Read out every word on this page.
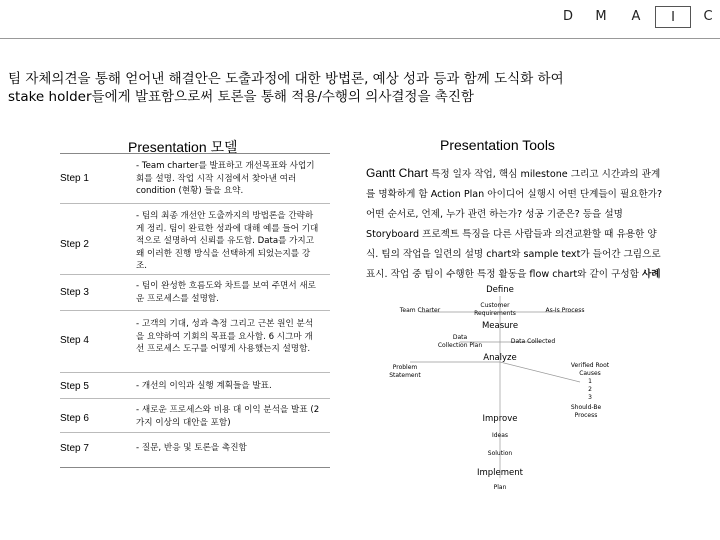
D	M	A	I	C
팀 자체의견을 통해 얻어낸 해결안은 도출과정에 대한 방법론, 예상 성과 등과 함께 도식화 하여
stake holder들에게 발표함으로써 토론을 통해 적용/수행의 의사결정을 촉진함
Presentation 모델
Step 1
- Team charter를 발표하고 개선목표와 사업기회를 설명. 작업 시작 시점에서 찾아낸 여러 condition (현황) 들을 요약.
Step 2
- 팀의 최종 개선안 도출까지의 방법론을 간략하게 정리. 팀이 완료한 성과에 대해 예를 들어 기대적으로 설명하여 신뢰를 유도함. Data를 가지고 왜 이러한 진행 방식을 선택하게 되었는지를 강조.
Step 3
- 팀이 완성한 흐름도와 차트를 보여 주면서 새로운 프로세스를 설명함.
Step 4
- 고객의 기대, 성과 측정 그리고 근본 원인 분석을 요약하여 기회의 목표를 요사함. 6 시그마 개선 프로세스 도구를 어떻게 사용했는지 설명함.
Step 5	- 개선의 이익과 실행 계획들을 발표.
Step 6
- 새로운 프로세스와 비용 대 이익 분석을 발표 (2가지 이상의 대안을 포함)
Step 7	- 질문, 반응 및 토론을 촉진함
Presentation Tools
Gantt Chart 특정 일자 작업, 핵심 milestone 그리고 시간과의 관계를 명확하게 함 Action Plan 아이디어 실행시 어떤 단계들이 필요한가? 어떤 순서로, 언제, 누가 관련 하는가? 성공 기준은? 등을 설명 Storyboard 프로젝트 특징을 다른 사람들과 의견교환할 때 유용한 양식. 팀의 작업을 일련의 설명 chart와 sample text가 들어간 그림으로 표시. 작업 중 팀이 수행한 특정 활동을 flow chart와 같이 구성함 사례
Define
Team Charter
Customer
Requirements	As-Is Process
Measure
Data
Collection Plan
Data Collected
Analyze
Problem
Statement
Verified Root
Causes
1
2
3
Should-Be
Process
Improve
Ideas
Solution
Implement
Plan
